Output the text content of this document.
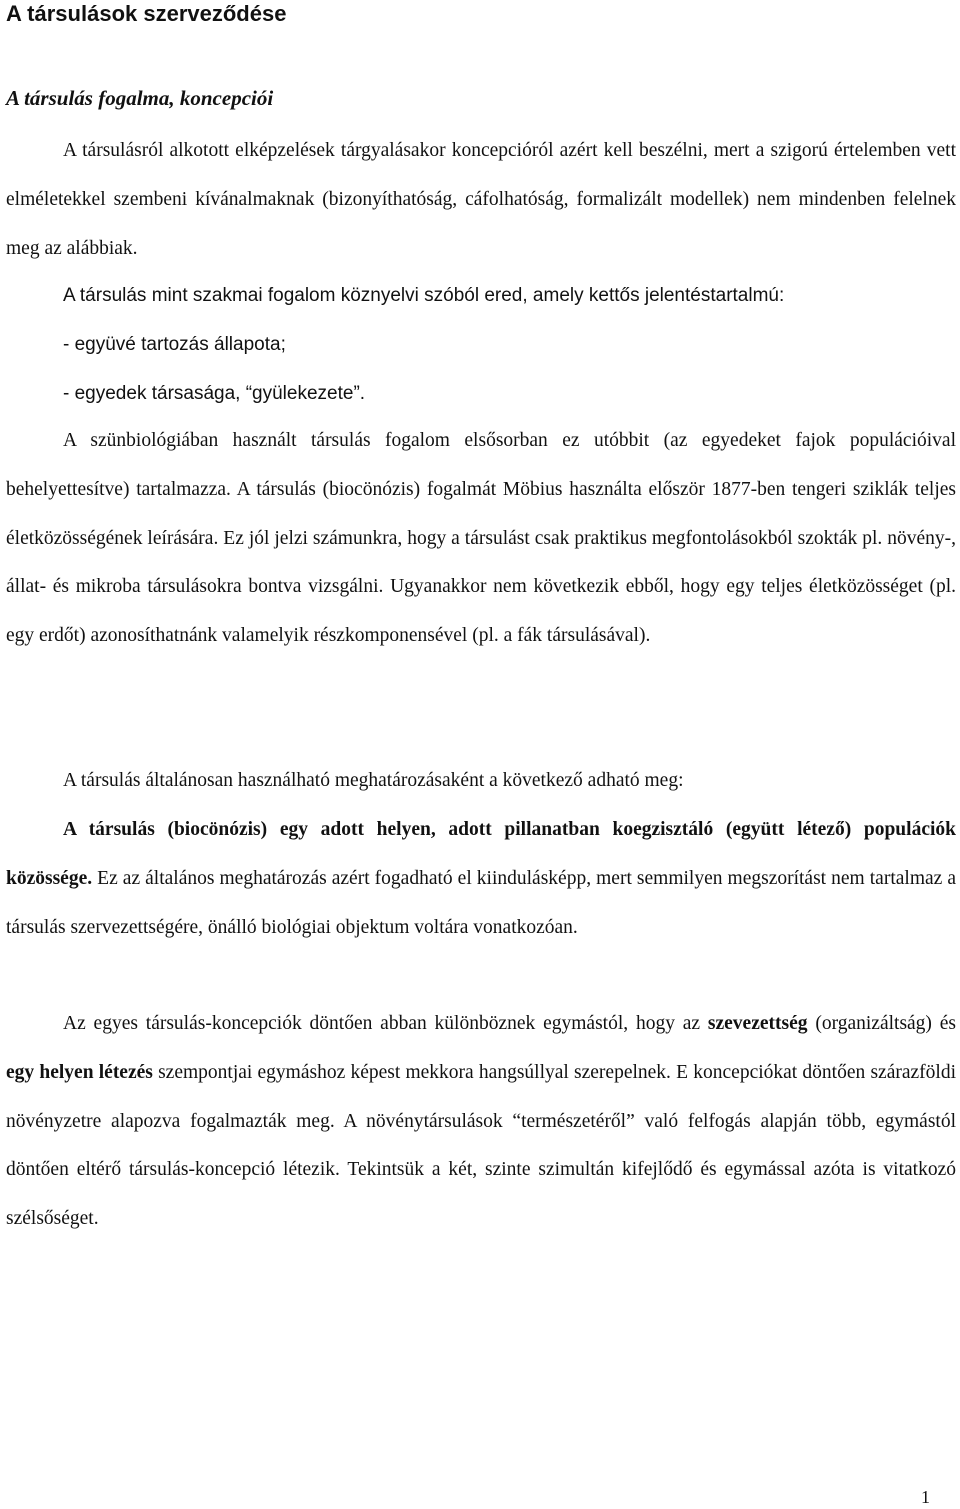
A társulások szerveződése
A társulás fogalma, koncepciói

A társulásról alkotott elképzelések tárgyalásakor koncepcióról azért kell beszélni, mert a szigorú értelemben vett elméletekkel szembeni kívánalmaknak (bizonyíthatóság, cáfolhatóság, formalizált modellek) nem mindenben felelnek meg az alábbiak.

A társulás mint szakmai fogalom köznyelvi szóból ered, amely kettős jelentéstartalmú:

- együvé tartozás állapota;

- egyedek társasága, “gyülekezete”.

A szünbiológiában használt társulás fogalom elsősorban ez utóbbit (az egyedeket fajok populációival behelyettesítve) tartalmazza. A társulás (biocönózis) fogalmát Möbius használta először 1877-ben tengeri sziklák teljes életközösségének leírására. Ez jól jelzi számunkra, hogy a társulást csak praktikus megfontolásokból szokták pl. növény-, állat- és mikroba társulásokra bontva vizsgálni. Ugyanakkor nem következik ebből, hogy egy teljes életközösséget (pl. egy erdőt) azonosíthatnánk valamelyik részkomponensével (pl. a fák társulásával).

A társulás általánosan használható meghatározásaként a következő adható meg:

A társulás (biocönózis) egy adott helyen, adott pillanatban koegzisztáló (együtt létező) populációk közössége. Ez az általános meghatározás azért fogadható el kiindulásképp, mert semmilyen megszorítást nem tartalmaz a társulás szervezettségére, önálló biológiai objektum voltára vonatkozóan.

Az egyes társulás-koncepciók döntően abban különböznek egymástól, hogy az szevezettség (organizáltság) és egy helyen létezés szempontjai egymáshoz képest mekkora hangsúllyal szerepelnek. E koncepciókat döntően szárazföldi növényzetre alapozva fogalmazták meg. A növénytársulások “természetéről” való felfogás alapján több, egymástól döntően eltérő társulás-koncepció létezik. Tekintsük a két, szinte szimultán kifejlődő és egymással azóta is vitatkozó szélsőséget.

1
